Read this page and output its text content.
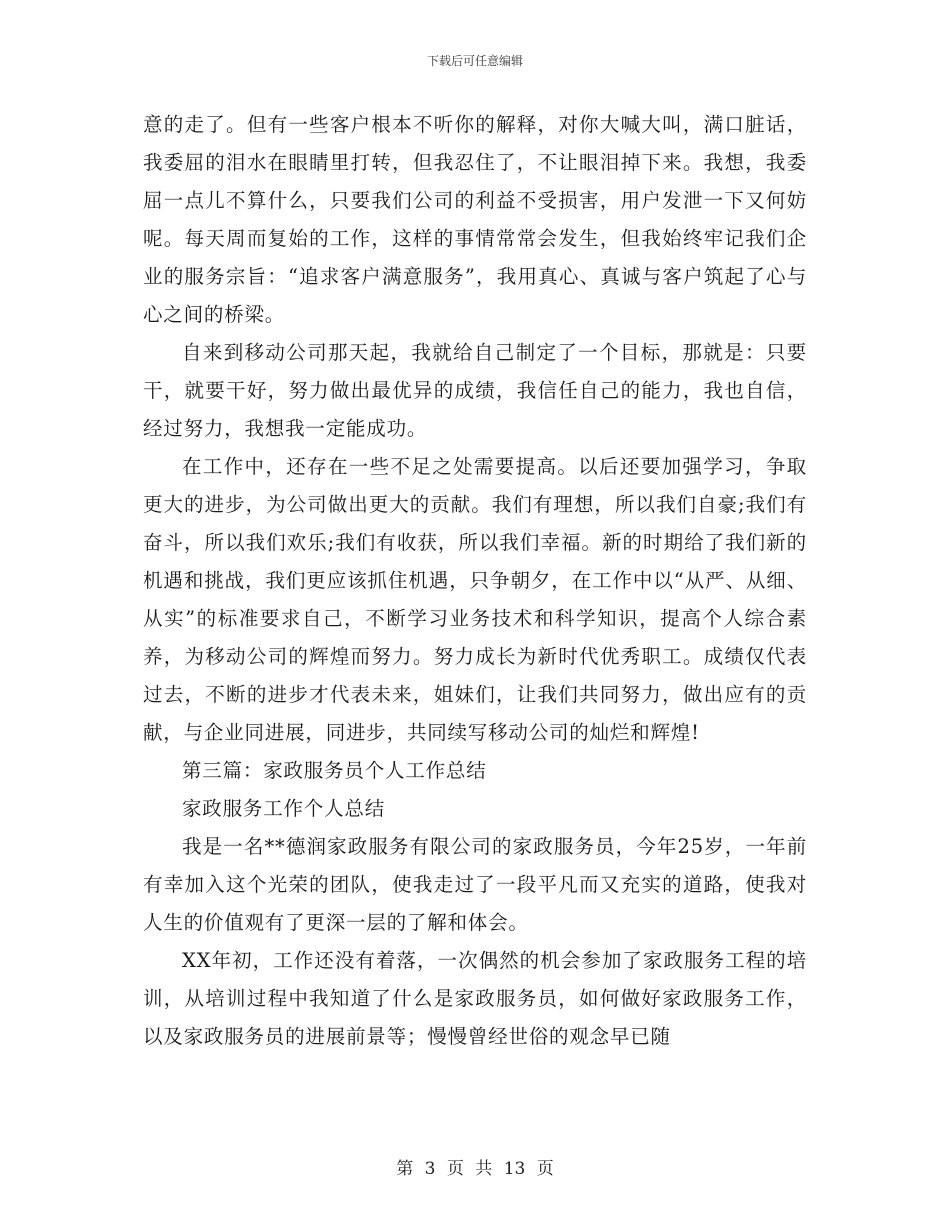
下载后可任意编辑

意的走了。但有一些客户根本不听你的解释，对你大喊大叫，满口脏话，我委屈的泪水在眼睛里打转，但我忍住了，不让眼泪掉下来。我想，我委屈一点儿不算什么，只要我们公司的利益不受损害，用户发泄一下又何妨呢。每天周而复始的工作，这样的事情常常会发生，但我始终牢记我们企业的服务宗旨：“追求客户满意服务”，我用真心、真诚与客户筑起了心与心之间的桥梁。

自来到移动公司那天起，我就给自己制定了一个目标，那就是：只要干，就要干好，努力做出最优异的成绩，我信任自己的能力，我也自信，经过努力，我想我一定能成功。

在工作中，还存在一些不足之处需要提高。以后还要加强学习，争取更大的进步，为公司做出更大的贡献。我们有理想，所以我们自豪;我们有奋斗，所以我们欢乐;我们有收获，所以我们幸福。新的时期给了我们新的机遇和挑战，我们更应该抓住机遇，只争朝夕，在工作中以“从严、从细、从实”的标准要求自己，不断学习业务技术和科学知识，提高个人综合素养，为移动公司的辉煌而努力。努力成长为新时代优秀职工。成绩仅代表过去，不断的进步才代表未来，姐妹们，让我们共同努力，做出应有的贡献，与企业同进展，同进步，共同续写移动公司的灿烂和辉煌!

第三篇：家政服务员个人工作总结

家政服务工作个人总结

我是一名**德润家政服务有限公司的家政服务员，今年25岁，一年前有幸加入这个光荣的团队，使我走过了一段平凡而又充实的道路，使我对人生的价值观有了更深一层的了解和体会。

XX年初，工作还没有着落，一次偶然的机会参加了家政服务工程的培训，从培训过程中我知道了什么是家政服务员，如何做好家政服务工作，以及家政服务员的进展前景等；慢慢曾经世俗的观念早已随

第 3 页 共 13 页
